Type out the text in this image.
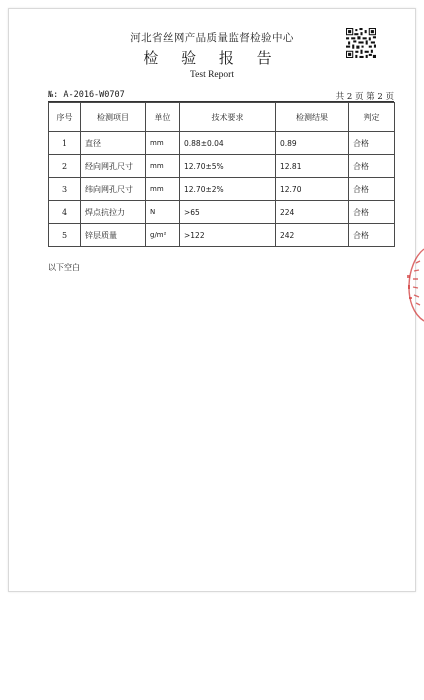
河北省丝网产品质量监督检验中心
检 验 报 告
Test Report
№: A-2016-W0707	共 2 页 第 2 页
序号	检测项目	单位	技术要求	检测结果	判定
1	直径	mm	0.88±0.04	0.89	合格
2	经向网孔尺寸	mm	12.70±5%	12.81	合格
3	纬向网孔尺寸	mm	12.70±2%	12.70	合格
4	焊点抗拉力	N	>65	224	合格
5	锌层质量	g/m²	>122	242	合格
以下空白
